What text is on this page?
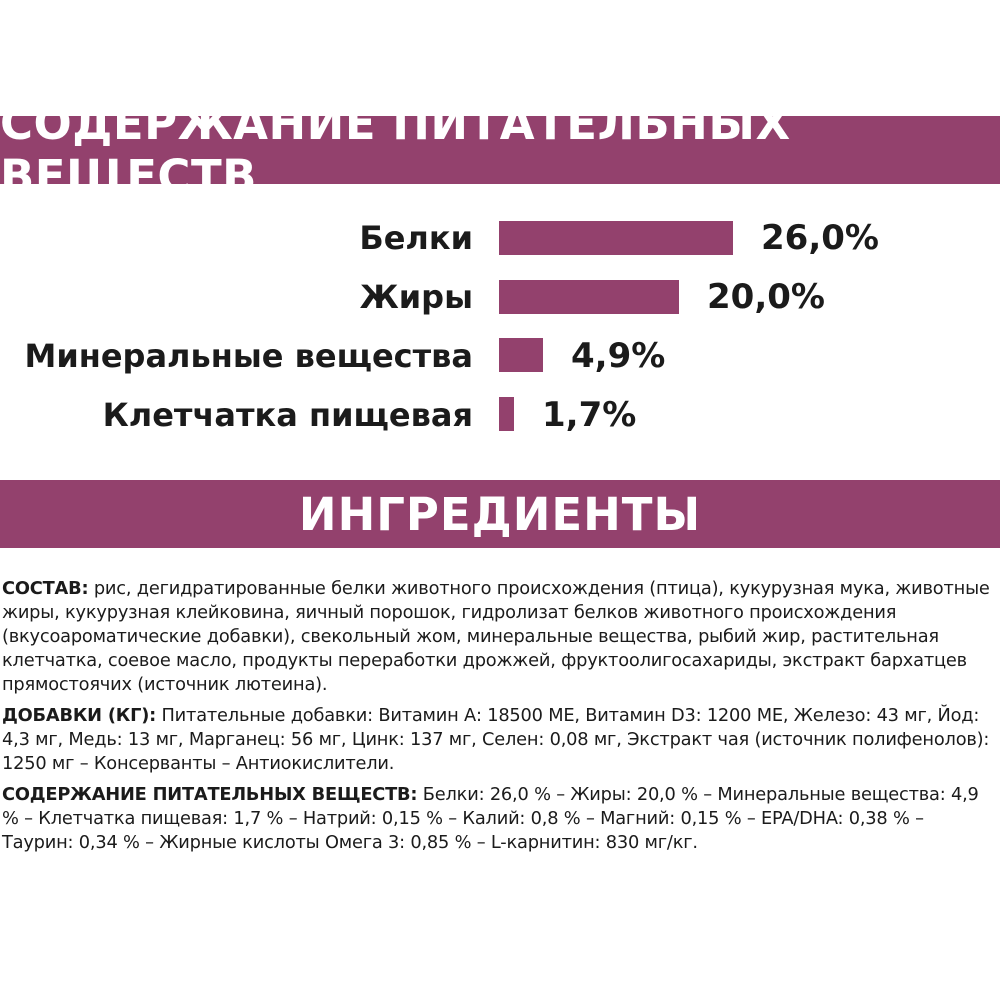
СОДЕРЖАНИЕ ПИТАТЕЛЬНЫХ ВЕЩЕСТВ
Белки	26,0%
Жиры	20,0%
Минеральные вещества	4,9%
Клетчатка пищевая 1,7%
ИНГРЕДИЕНТЫ

СОСТАВ: рис, дегидратированные белки животного происхождения (птица), кукурузная мука, животные жиры, кукурузная клейковина, яичный порошок, гидролизат белков животного происхождения (вкусоароматические добавки), свекольный жом, минеральные вещества, рыбий жир, растительная клетчатка, соевое масло, продукты переработки дрожжей, фруктоолигосахариды, экстракт бархатцев прямостоячих (источник лютеина).

ДОБАВКИ (КГ): Питательные добавки: Витамин А: 18500 МЕ, Витамин D3: 1200 МЕ, Железо: 43 мг, Йод: 4,3 мг, Медь: 13 мг, Марганец: 56 мг, Цинк: 137 мг, Селен: 0,08 мг, Экстракт чая (источник полифенолов): 1250 мг – Консерванты – Антиокислители.

СОДЕРЖАНИЕ ПИТАТЕЛЬНЫХ ВЕЩЕСТВ: Белки: 26,0 % – Жиры: 20,0 % – Минеральные вещества: 4,9 % – Клетчатка пищевая: 1,7 % – Натрий: 0,15 % – Калий: 0,8 % – Магний: 0,15 % – EPA/DHA: 0,38 % – Таурин: 0,34 % – Жирные кислоты Омега 3: 0,85 % – L-карнитин: 830 мг/кг.
